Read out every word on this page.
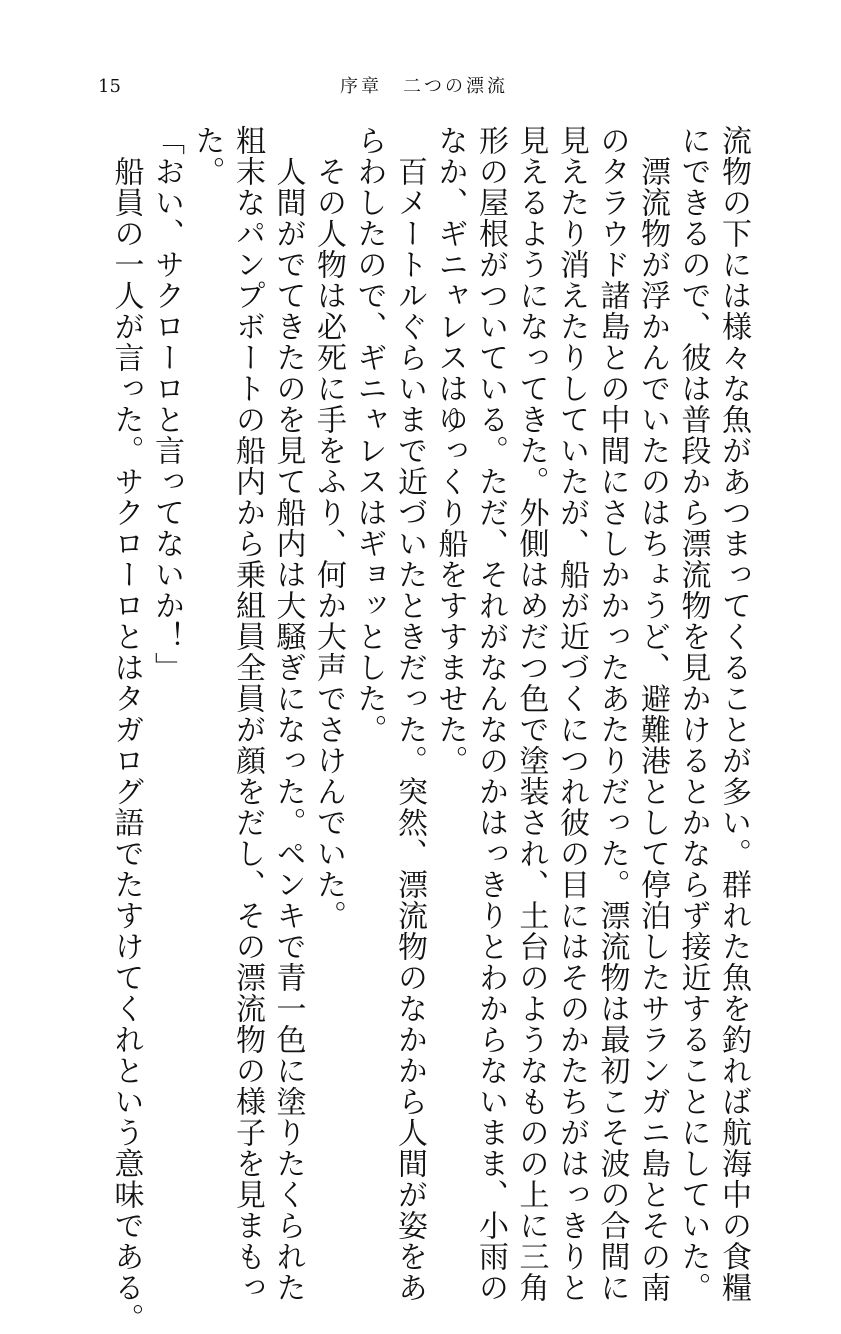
15	序章　二つの漂流
流物の下には様々な魚があつまってくることが多い。群れた魚を釣れば航海中の食糧
にできるので、彼は普段から漂流物を見かけるとかならず接近することにしていた。
　漂流物が浮かんでいたのはちょうど、避難港として停泊したサランガニ島とその南
のタラウド諸島との中間にさしかかったあたりだった。漂流物は最初こそ波の合間に
見えたり消えたりしていたが、船が近づくにつれ彼の目にはそのかたちがはっきりと
見えるようになってきた。外側はめだつ色で塗装され、土台のようなものの上に三角
形の屋根がついている。ただ、それがなんなのかはっきりとわからないまま、小雨の
なか、ギニャレスはゆっくり船をすすませた。
　百メートルぐらいまで近づいたときだった。突然、漂流物のなかから人間が姿をあ
らわしたので、ギニャレスはギョッとした。
　その人物は必死に手をふり、何か大声でさけんでいた。
　人間がでてきたのを見て船内は大騒ぎになった。ペンキで青一色に塗りたくられた
粗末なパンプボートの船内から乗組員全員が顔をだし、その漂流物の様子を見まもっ
た。
「おい、サクローロと言ってないか！」
　船員の一人が言った。サクローロとはタガログ語でたすけてくれという意味である。
